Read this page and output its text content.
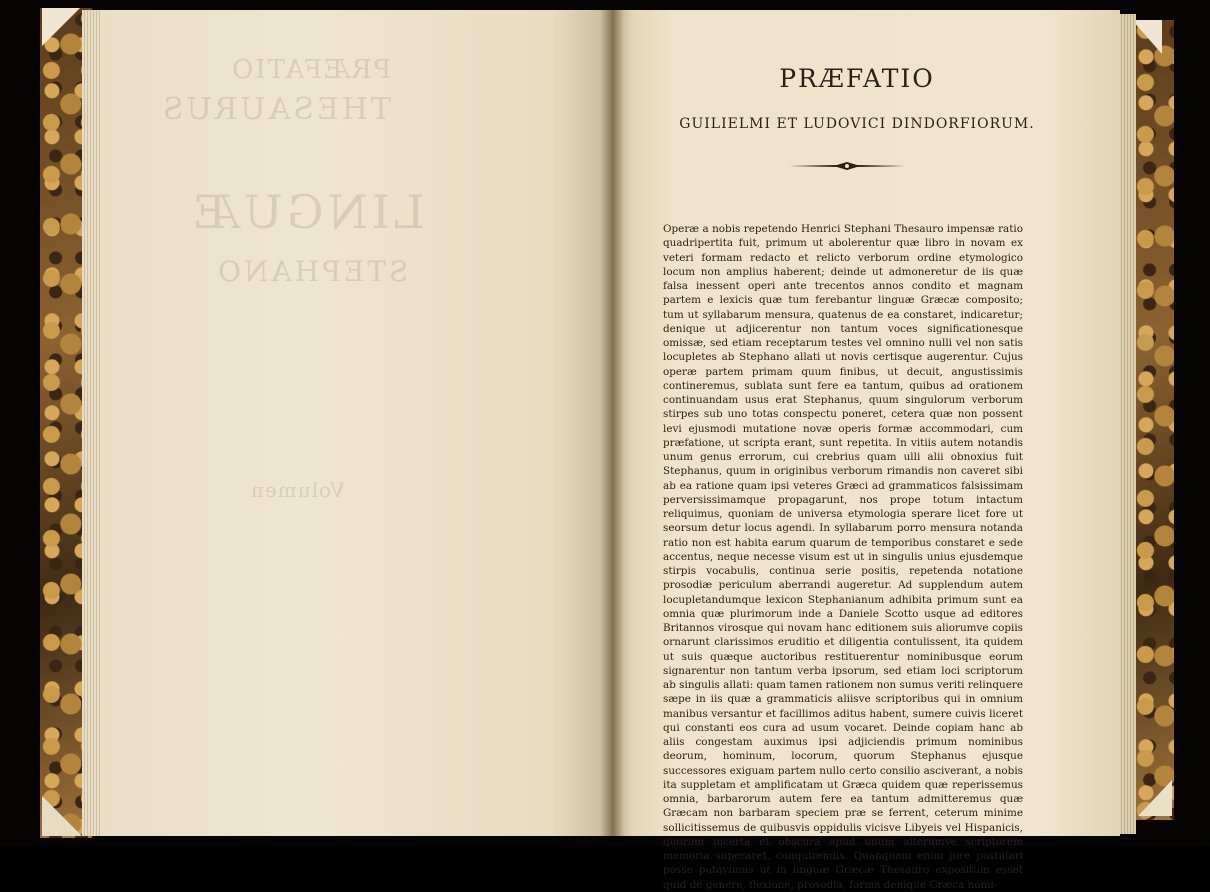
PRÆFATIO
THESAURUS
LINGUÆ
STEPHANO
Volumen
PRÆFATIO
GUILIELMI ET LUDOVICI DINDORFIORUM.

Operæ a nobis repetendo Henrici Stephani Thesauro impensæ ratio quadripertita fuit, primum ut abolerentur quæ libro in novam ex veteri formam redacto et relicto verborum ordine etymologico locum non amplius haberent; deinde ut admoneretur de iis quæ falsa inessent operi ante trecentos annos condito et magnam partem e lexicis quæ tum ferebantur linguæ Græcæ composito; tum ut syllabarum mensura, quatenus de ea constaret, indicaretur; denique ut adjicerentur non tantum voces significationesque omissæ, sed etiam receptarum testes vel omnino nulli vel non satis locupletes ab Stephano allati ut novis certisque augerentur. Cujus operæ partem primam quum finibus, ut decuit, angustissimis contineremus, sublata sunt fere ea tantum, quibus ad orationem continuandam usus erat Stephanus, quum singulorum verborum stirpes sub uno totas conspectu poneret, cetera quæ non possent levi ejusmodi mutatione novæ operis formæ accommodari, cum præfatione, ut scripta erant, sunt repetita. In vitiis autem notandis unum genus errorum, cui crebrius quam ulli alii obnoxius fuit Stephanus, quum in originibus verborum rimandis non caveret sibi ab ea ratione quam ipsi veteres Græci ad grammaticos falsissimam perversissimamque propagarunt, nos prope totum intactum reliquimus, quoniam de universa etymologia sperare licet fore ut seorsum detur locus agendi. In syllabarum porro mensura notanda ratio non est habita earum quarum de temporibus constaret e sede accentus, neque necesse visum est ut in singulis unius ejusdemque stirpis vocabulis, continua serie positis, repetenda notatione prosodiæ periculum aberrandi augeretur. Ad supplendum autem locupletandumque lexicon Stephanianum adhibita primum sunt ea omnia quæ plurimorum inde a Daniele Scotto usque ad editores Britannos virosque qui novam hanc editionem suis aliorumve copiis ornarunt clarissimos eruditio et diligentia contulissent, ita quidem ut suis quæque auctoribus restituerentur nominibusque eorum signarentur non tantum verba ipsorum, sed etiam loci scriptorum ab singulis allati: quam tamen rationem non sumus veriti relinquere sæpe in iis quæ a grammaticis aliisve scriptoribus qui in omnium manibus versantur et facillimos aditus habent, sumere cuivis liceret qui constanti eos cura ad usum vocaret. Deinde copiam hanc ab aliis congestam auximus ipsi adjiciendis primum nominibus deorum, hominum, locorum, quorum Stephanus ejusque successores exiguam partem nullo certo consilio asciverant, a nobis ita suppletam et amplificatam ut Græca quidem quæ reperissemus omnia, barbarorum autem fere ea tantum admitteremus quæ Græcam non barbaram speciem præ se ferrent, ceterum minime sollicitissemus de quibusvis oppidulis vicisve Libyeis vel Hispanicis, quorum incerta et obscura apud unum alterumve scriptorem memoria superaret, conquirendis. Quanquam enim jure postulari posse putavimus ut in linguæ Græcæ Thesauro expositum esset quid de genere, flexione, prosodia, forma denique Græca nomi-
